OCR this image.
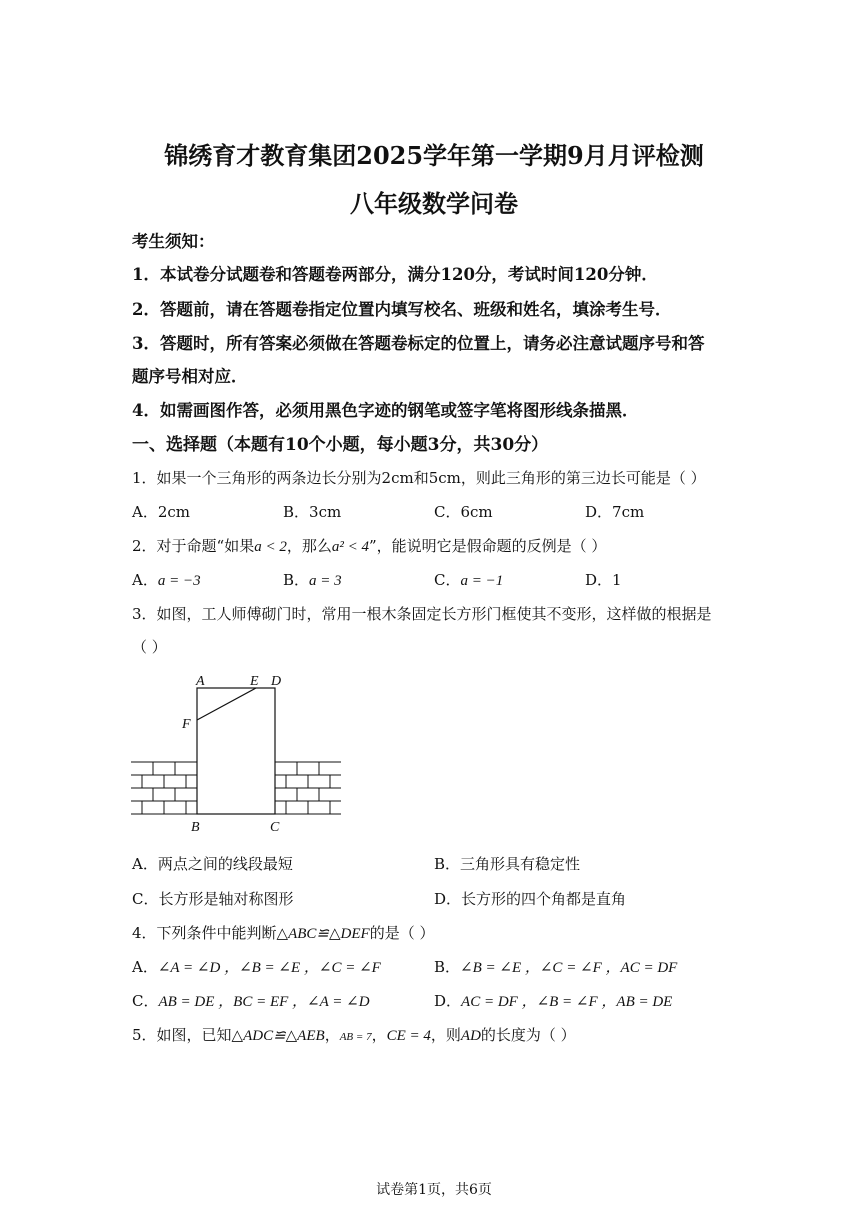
锦绣育才教育集团2025学年第一学期9月月评检测
八年级数学问卷
考生须知：
1．本试卷分试题卷和答题卷两部分，满分120分，考试时间120分钟．
2．答题前，请在答题卷指定位置内填写校名、班级和姓名，填涂考生号．
3．答题时，所有答案必须做在答题卷标定的位置上，请务必注意试题序号和答
题序号相对应．
4．如需画图作答，必须用黑色字迹的钢笔或签字笔将图形线条描黑．
一、选择题（本题有10个小题，每小题3分，共30分）
1．如果一个三角形的两条边长分别为2cm和5cm，则此三角形的第三边长可能是（ ）
A．2cm	B．3cm	C．6cm	D．7cm
2．对于命题“如果a < 2，那么a² < 4”，能说明它是假命题的反例是（ ）
A．a = −3	B．a = 3	C．a = −1	D．1
3．如图，工人师傅砌门时，常用一根木条固定长方形门框使其不变形，这样做的根据是
（ ）
A	E D
F
B	C
A．两点之间的线段最短	B．三角形具有稳定性
C．长方形是轴对称图形	D．长方形的四个角都是直角
4．下列条件中能判断△ABC≌△DEF的是（ ）
A．∠A = ∠D ，∠B = ∠E ，∠C = ∠F	B．∠B = ∠E ，∠C = ∠F ，AC = DF
C．AB = DE ，BC = EF ，∠A = ∠D	D．AC = DF ，∠B = ∠F ，AB = DE
5．如图，已知△ADC≌△AEB，AB = 7，CE = 4，则AD的长度为（ ）
试卷第1页，共6页
